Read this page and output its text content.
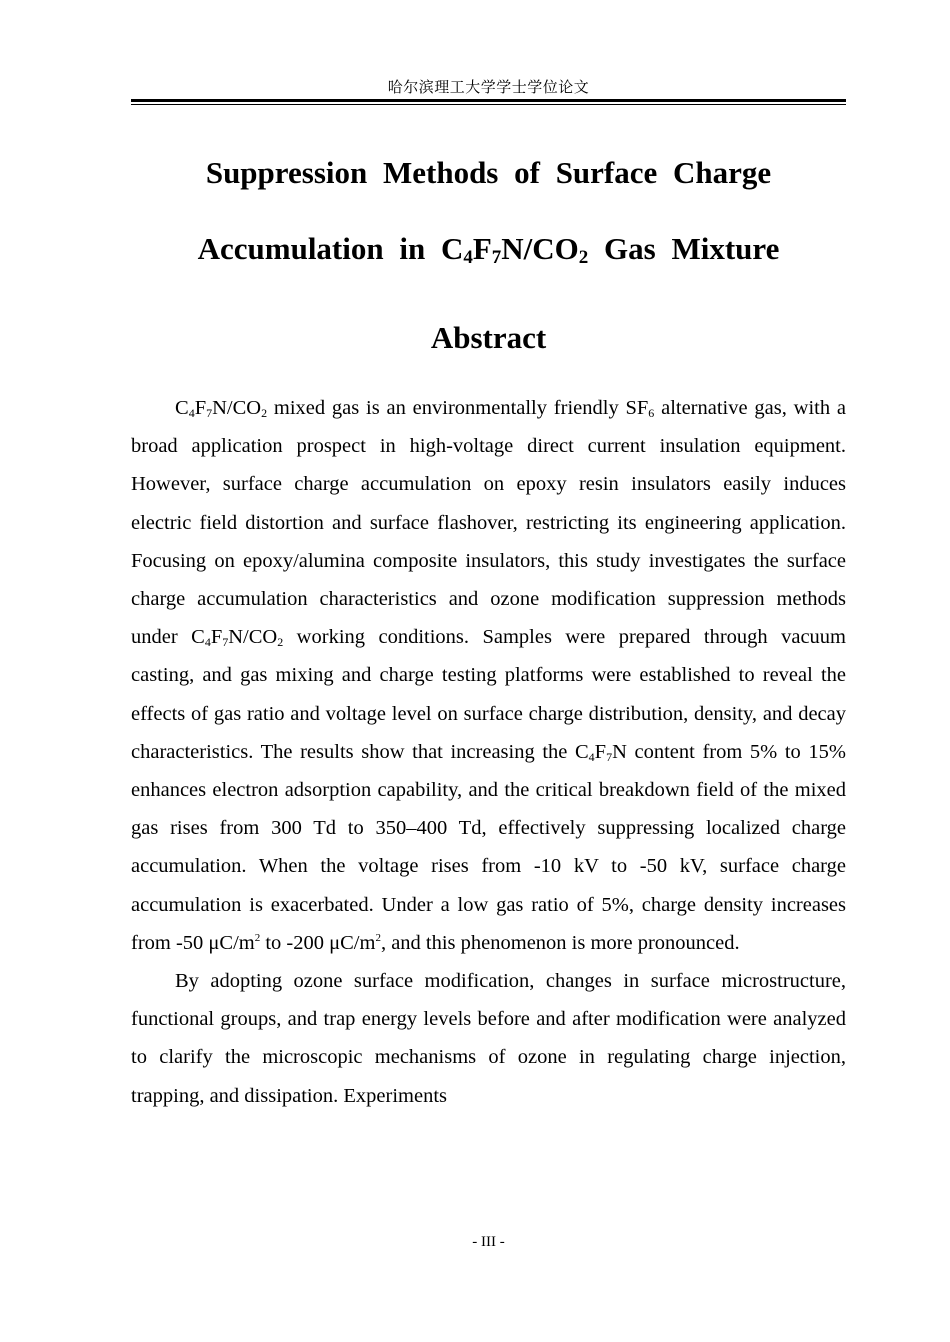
哈尔滨理工大学学士学位论文
Suppression Methods of Surface Charge
Accumulation in $C_4F_7N/CO_2$ Gas Mixture
Abstract

$C_4F_7N/CO_2$ mixed gas is an environmentally friendly $SF_6$ alternative gas, with a broad application prospect in high-voltage direct current insulation equipment. However, surface charge accumulation on epoxy resin insulators easily induces electric field distortion and surface flashover, restricting its engineering application. Focusing on epoxy/alumina composite insulators, this study investigates the surface charge accumulation characteristics and ozone modification suppression methods under $C_4F_7N/CO_2$ working conditions. Samples were prepared through vacuum casting, and gas mixing and charge testing platforms were established to reveal the effects of gas ratio and voltage level on surface charge distribution, density, and decay characteristics. The results show that increasing the $C_4F_7N$ content from 5% to 15% enhances electron adsorption capability, and the critical breakdown field of the mixed gas rises from 300 Td to 350–400 Td, effectively suppressing localized charge accumulation. When the voltage rises from -10 kV to -50 kV, surface charge accumulation is exacerbated. Under a low gas ratio of 5%, charge density increases from -50 $\mu C/m^2$ to -200 $\mu C/m^2$, and this phenomenon is more pronounced.

By adopting ozone surface modification, changes in surface microstructure, functional groups, and trap energy levels before and after modification were analyzed to clarify the microscopic mechanisms of ozone in regulating charge injection, trapping, and dissipation. Experiments

- III -
